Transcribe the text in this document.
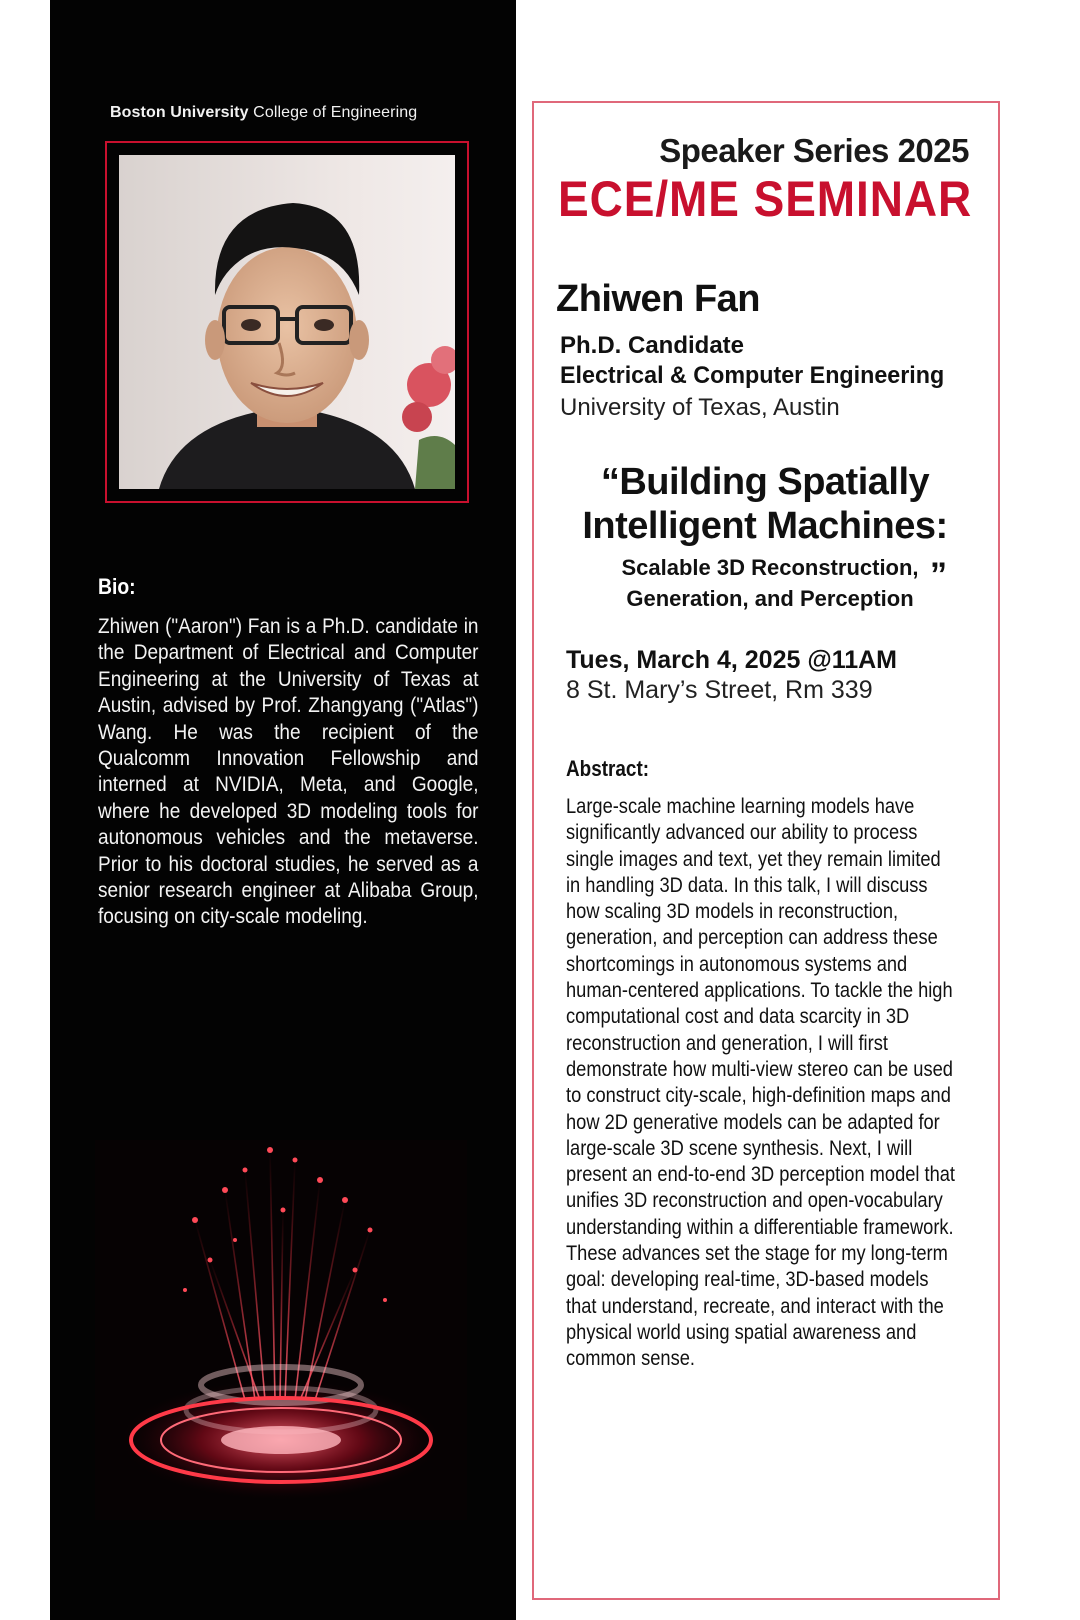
Boston University College of Engineering
Bio:
Zhiwen ("Aaron") Fan is a Ph.D. candidate in the Department of Electrical and Computer Engineering at the University of Texas at Austin, advised by Prof. Zhangyang ("Atlas") Wang. He was the recipient of the Qualcomm Innovation Fellowship and interned at NVIDIA, Meta, and Google, where he developed 3D modeling tools for autonomous vehicles and the metaverse. Prior to his doctoral studies, he served as a senior research engineer at Alibaba Group, focusing on city-scale modeling.
Speaker Series 2025
ECE/ME SEMINAR
Zhiwen Fan
Ph.D. Candidate
Electrical & Computer Engineering
University of Texas, Austin
“Building Spatially Intelligent Machines:
Scalable 3D Reconstruction, Generation, and Perception
”
Tues, March 4, 2025 @11AM
8 St. Mary’s Street, Rm 339
Abstract:
Large-scale machine learning models have significantly advanced our ability to process single images and text, yet they remain limited in handling 3D data. In this talk, I will discuss how scaling 3D models in reconstruction, generation, and perception can address these shortcomings in autonomous systems and human-centered applications. To tackle the high computational cost and data scarcity in 3D reconstruction and generation, I will first demonstrate how multi-view stereo can be used to construct city-scale, high-definition maps and how 2D generative models can be adapted for large-scale 3D scene synthesis. Next, I will present an end-to-end 3D perception model that unifies 3D reconstruction and open-vocabulary understanding within a differentiable framework. These advances set the stage for my long-term goal: developing real-time, 3D-based models that understand, recreate, and interact with the physical world using spatial awareness and common sense.
